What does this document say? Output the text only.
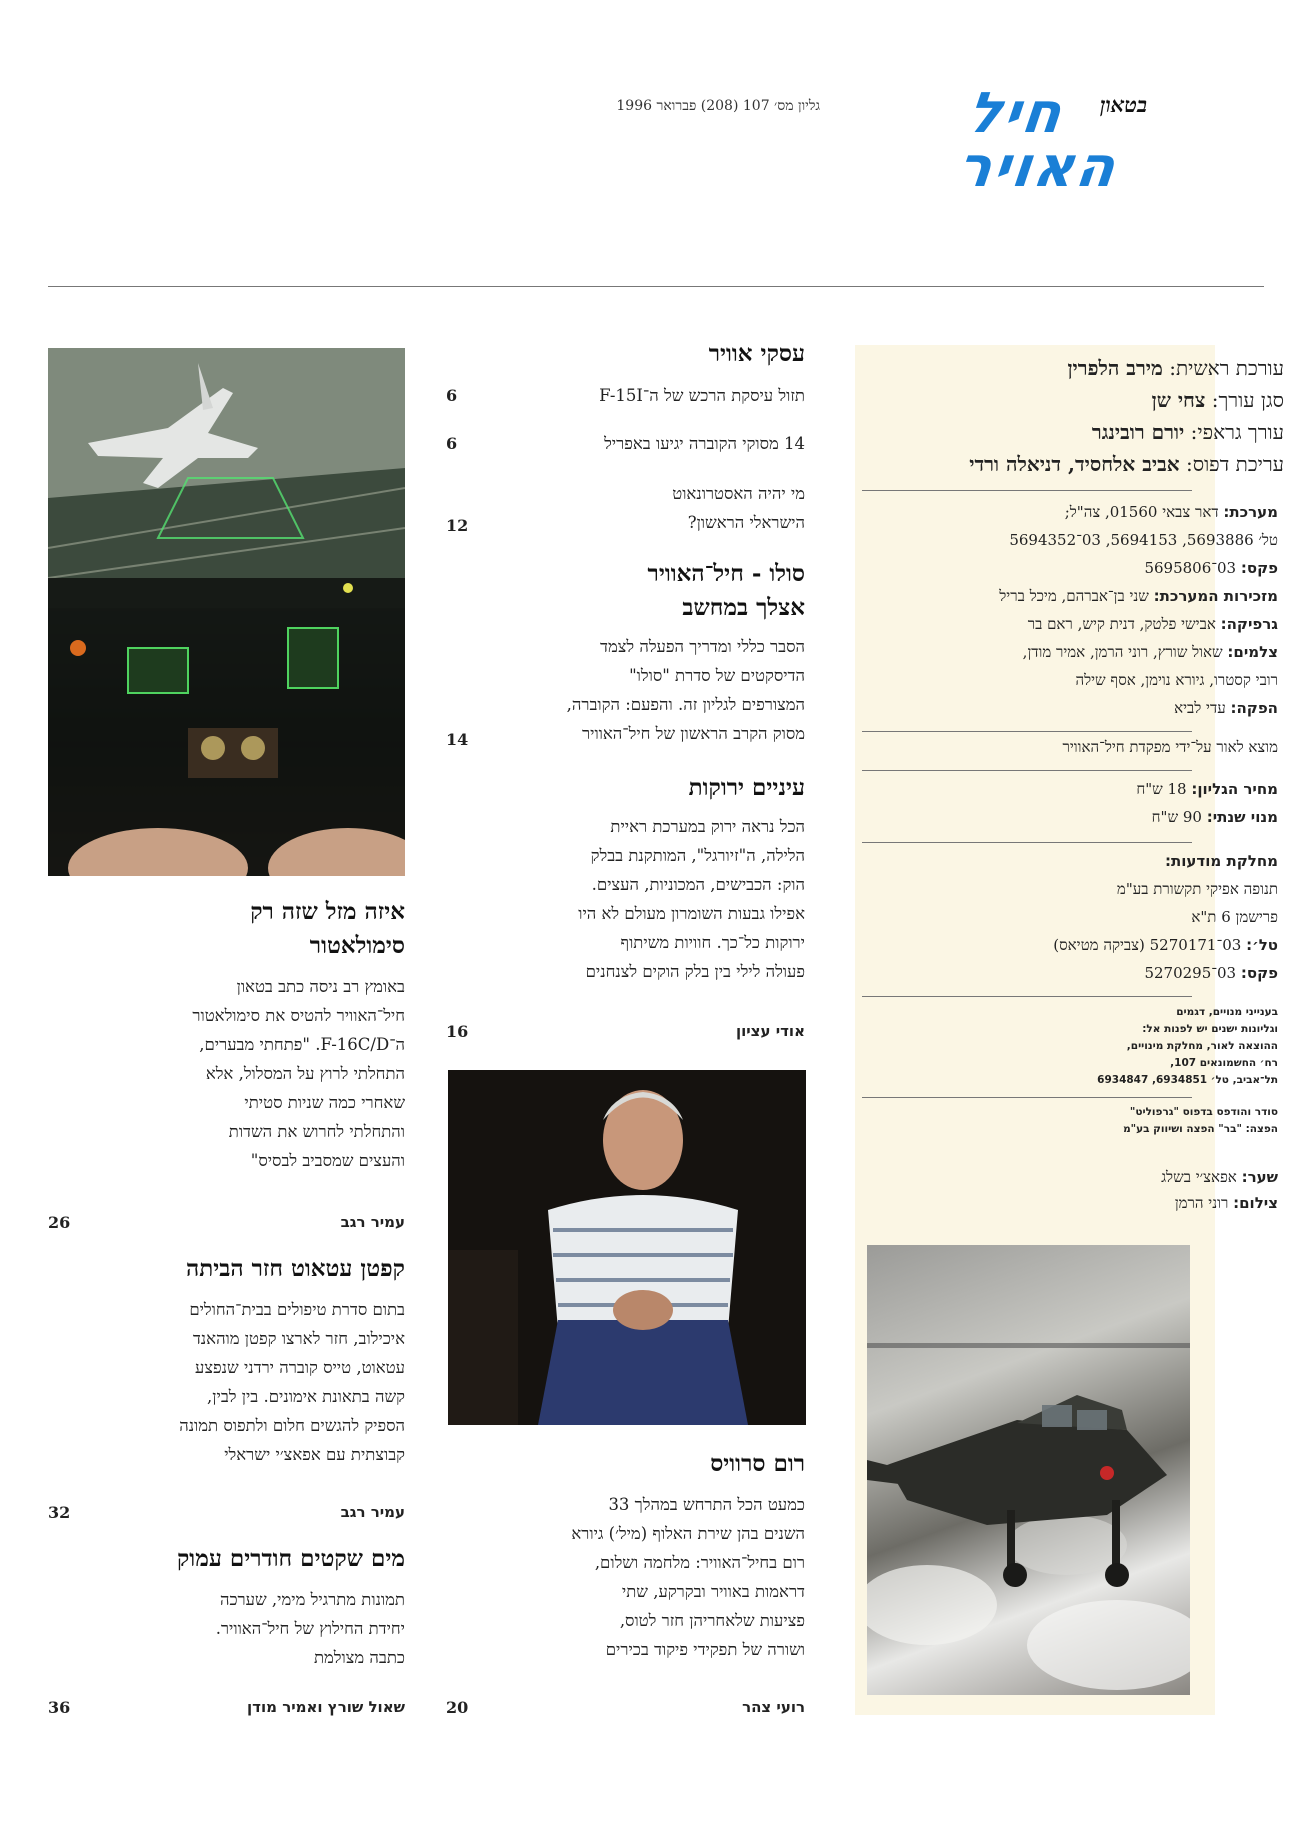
גליון מס׳ 107 (208) פברואר 1996	בטאון
חיל
האויר
עורכת ראשית: מירב הלפרין
סגן עורך: צחי שן
עורך גראפי: יורם רובינגר
עריכת דפוס: אביב אלחסיד, דניאלה ורדי
מערכת: דאר צבאי 01560, צה"ל;
טל׳ 5693886, 5694153, 03־5694352
פקס: 03־5695806
מזכירות המערכת: שני בן־אברהם, מיכל בריל
גרפיקה: אבישי פלטק, דנית קיש, ראם בר
צלמים: שאול שורץ, רוני הרמן, אמיר מודן,
רובי קסטרו, גיורא נוימן, אסף שילה
הפקה: עדי לביא
מוצא לאור על־ידי מפקדת חיל־האוויר
מחיר הגליון: 18 ש"ח
מנוי שנתי: 90 ש"ח
מחלקת מודעות:
תנופה אפיקי תקשורת בע"מ
פרישמן 6 ת"א
טל׳: 03־5270171 (צביקה מטיאס)
פקס: 03־5270295
בענייני מנויים, דגמים
וגליונות ישנים יש לפנות אל:
ההוצאה לאור, מחלקת מינויים,
רח׳ החשמונאים 107,
תל־אביב, טל׳ 6934851, 6934847
סודר והודפס בדפוס "גרפוליט"
הפצה: "בר" הפצה ושיווק בע"מ
שער: אפאצ׳י בשלג
צילום: רוני הרמן
עסקי אוויר
תזול עיסקת הרכש של ה־F-15I
6
14 מסוקי הקוברה יגיעו באפריל
6
מי יהיה האסטרונאוט
הישראלי הראשון?
12
סולו - חיל־האוויר
אצלך במחשב
הסבר כללי ומדריך הפעלה לצמד
הדיסקטים של סדרת "סולו"
המצורפים לגליון זה. והפעם: הקוברה,
מסוק הקרב הראשון של חיל־האוויר
14
עיניים ירוקות
הכל נראה ירוק במערכת ראיית
הלילה, ה"זיורגל", המותקנת בבלק
הוק: הכבישים, המכוניות, העצים.
אפילו גבעות השומרון מעולם לא היו
ירוקות כל־כך. חוויות משיתוף
פעולה לילי בין בלק הוקים לצנחנים
אודי עציון
16
רום סרוויס
כמעט הכל התרחש במהלך 33
השנים בהן שירת האלוף (מיל׳) גיורא
רום בחיל־האוויר: מלחמה ושלום,
דראמות באוויר ובקרקע, שתי
פציעות שלאחריהן חזר לטוס,
ושורה של תפקידי פיקוד בכירים
רועי צהר
20
איזה מזל שזה רק
סימולאטור
באומץ רב ניסה כתב בטאון
חיל־האוויר להטיס את סימולאטור
ה־F-16C/D. "פתחתי מבערים,
התחלתי לרוץ על המסלול, אלא
שאחרי כמה שניות סטיתי
והתחלתי לחרוש את השדות
והעצים שמסביב לבסיס"
עמיר רגב
26
קפטן עטאוט חזר הביתה
בתום סדרת טיפולים בבית־החולים
איכילוב, חזר לארצו קפטן מוהאנד
עטאוט, טייס קוברה ירדני שנפצע
קשה בתאונת אימונים. בין לבין,
הספיק להגשים חלום ולתפוס תמונה
קבוצתית עם אפאצ׳י ישראלי
עמיר רגב
32
מים שקטים חודרים עמוק
תמונות מתרגיל מימי, שערכה
יחידת החילוץ של חיל־האוויר.
כתבה מצולמת
שאול שורץ ואמיר מודן
36
